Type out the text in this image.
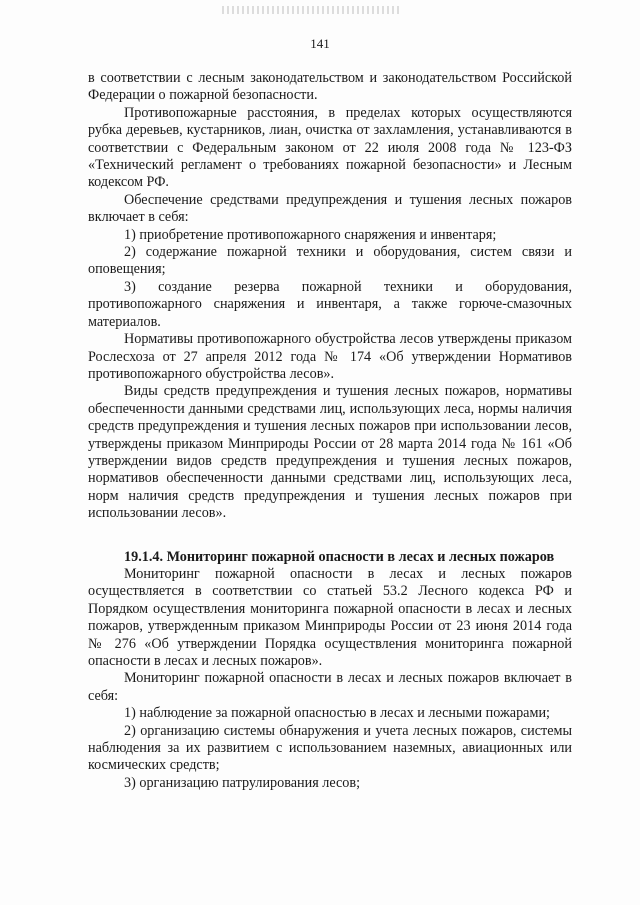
141

в соответствии с лесным законодательством и законодательством Российской Федерации о пожарной безопасности.

Противопожарные расстояния, в пределах которых осуществляются рубка деревьев, кустарников, лиан, очистка от захламления, устанавливаются в соответствии с Федеральным законом от 22 июля 2008 года № 123-ФЗ «Технический регламент о требованиях пожарной безопасности» и Лесным кодексом РФ.

Обеспечение средствами предупреждения и тушения лесных пожаров включает в себя:

1) приобретение противопожарного снаряжения и инвентаря;

2) содержание пожарной техники и оборудования, систем связи и оповещения;

3) создание резерва пожарной техники и оборудования, противопожарного снаряжения и инвентаря, а также горюче-смазочных материалов.

Нормативы противопожарного обустройства лесов утверждены приказом Рослесхоза от 27 апреля 2012 года № 174 «Об утверждении Нормативов противопожарного обустройства лесов».

Виды средств предупреждения и тушения лесных пожаров, нормативы обеспеченности данными средствами лиц, использующих леса, нормы наличия средств предупреждения и тушения лесных пожаров при использовании лесов, утверждены приказом Минприроды России от 28 марта 2014 года № 161 «Об утверждении видов средств предупреждения и тушения лесных пожаров, нормативов обеспеченности данными средствами лиц, использующих леса, норм наличия средств предупреждения и тушения лесных пожаров при использовании лесов».

19.1.4. Мониторинг пожарной опасности в лесах и лесных пожаров

Мониторинг пожарной опасности в лесах и лесных пожаров осуществляется в соответствии со статьей 53.2 Лесного кодекса РФ и Порядком осуществления мониторинга пожарной опасности в лесах и лесных пожаров, утвержденным приказом Минприроды России от 23 июня 2014 года № 276 «Об утверждении Порядка осуществления мониторинга пожарной опасности в лесах и лесных пожаров».

Мониторинг пожарной опасности в лесах и лесных пожаров включает в себя:

1) наблюдение за пожарной опасностью в лесах и лесными пожарами;

2) организацию системы обнаружения и учета лесных пожаров, системы наблюдения за их развитием с использованием наземных, авиационных или космических средств;

3) организацию патрулирования лесов;
